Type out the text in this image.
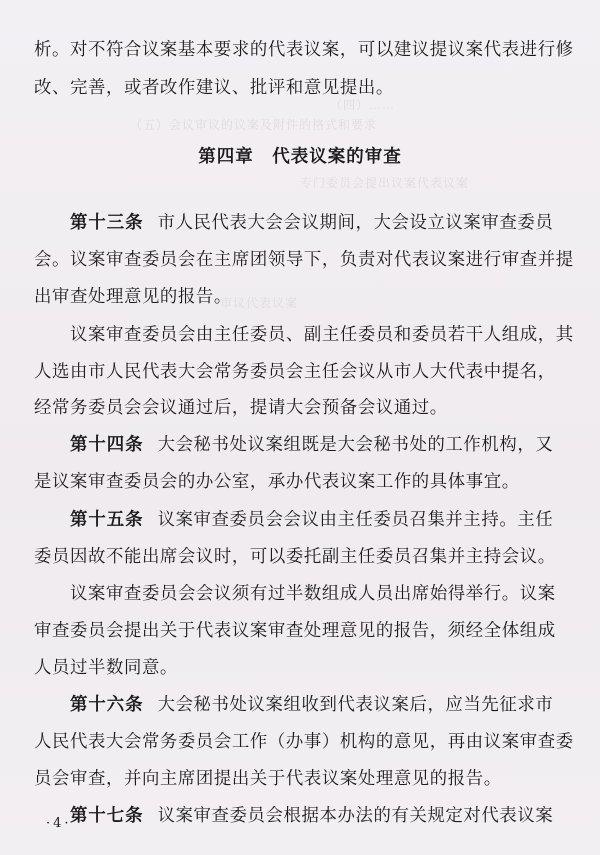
（四）……
（五）会议审议的议案及附件的格式和要求
专门委员会提出议案代表议案
审议代表议案
析。对不符合议案基本要求的代表议案，可以建议提议案代表进行修
改、完善，或者改作建议、批评和意见提出。
第四章　代表议案的审查
第十三条 市人民代表大会会议期间，大会设立议案审查委员
会。议案审查委员会在主席团领导下，负责对代表议案进行审查并提
出审查处理意见的报告。
议案审查委员会由主任委员、副主任委员和委员若干人组成，其
人选由市人民代表大会常务委员会主任会议从市人大代表中提名，
经常务委员会会议通过后，提请大会预备会议通过。
第十四条 大会秘书处议案组既是大会秘书处的工作机构，又
是议案审查委员会的办公室，承办代表议案工作的具体事宜。
第十五条 议案审查委员会会议由主任委员召集并主持。主任
委员因故不能出席会议时，可以委托副主任委员召集并主持会议。
议案审查委员会会议须有过半数组成人员出席始得举行。议案
审查委员会提出关于代表议案审查处理意见的报告，须经全体组成
人员过半数同意。
第十六条 大会秘书处议案组收到代表议案后，应当先征求市
人民代表大会常务委员会工作（办事）机构的意见，再由议案审查委
员会审查，并向主席团提出关于代表议案处理意见的报告。
第十七条 议案审查委员会根据本办法的有关规定对代表议案
·4·
